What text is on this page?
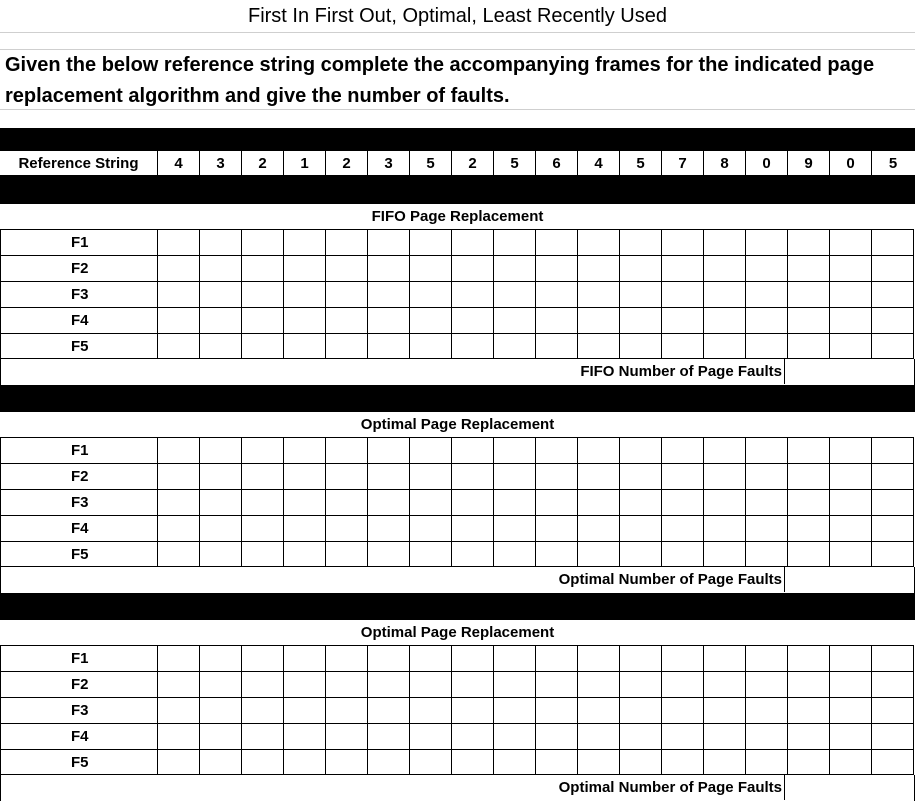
First In First Out, Optimal, Least Recently Used
Given the below reference string complete the accompanying frames for the indicated page replacement algorithm and give the number of faults.
Reference String	4	3	2	1	2	3	5	2	5	6	4	5	7	8	0	9	0	5
FIFO Page Replacement
F1
F2
F3
F4
F5
FIFO Number of Page Faults
Optimal Page Replacement
F1
F2
F3
F4
F5
Optimal Number of Page Faults
Optimal Page Replacement
F1
F2
F3
F4
F5
Optimal Number of Page Faults
